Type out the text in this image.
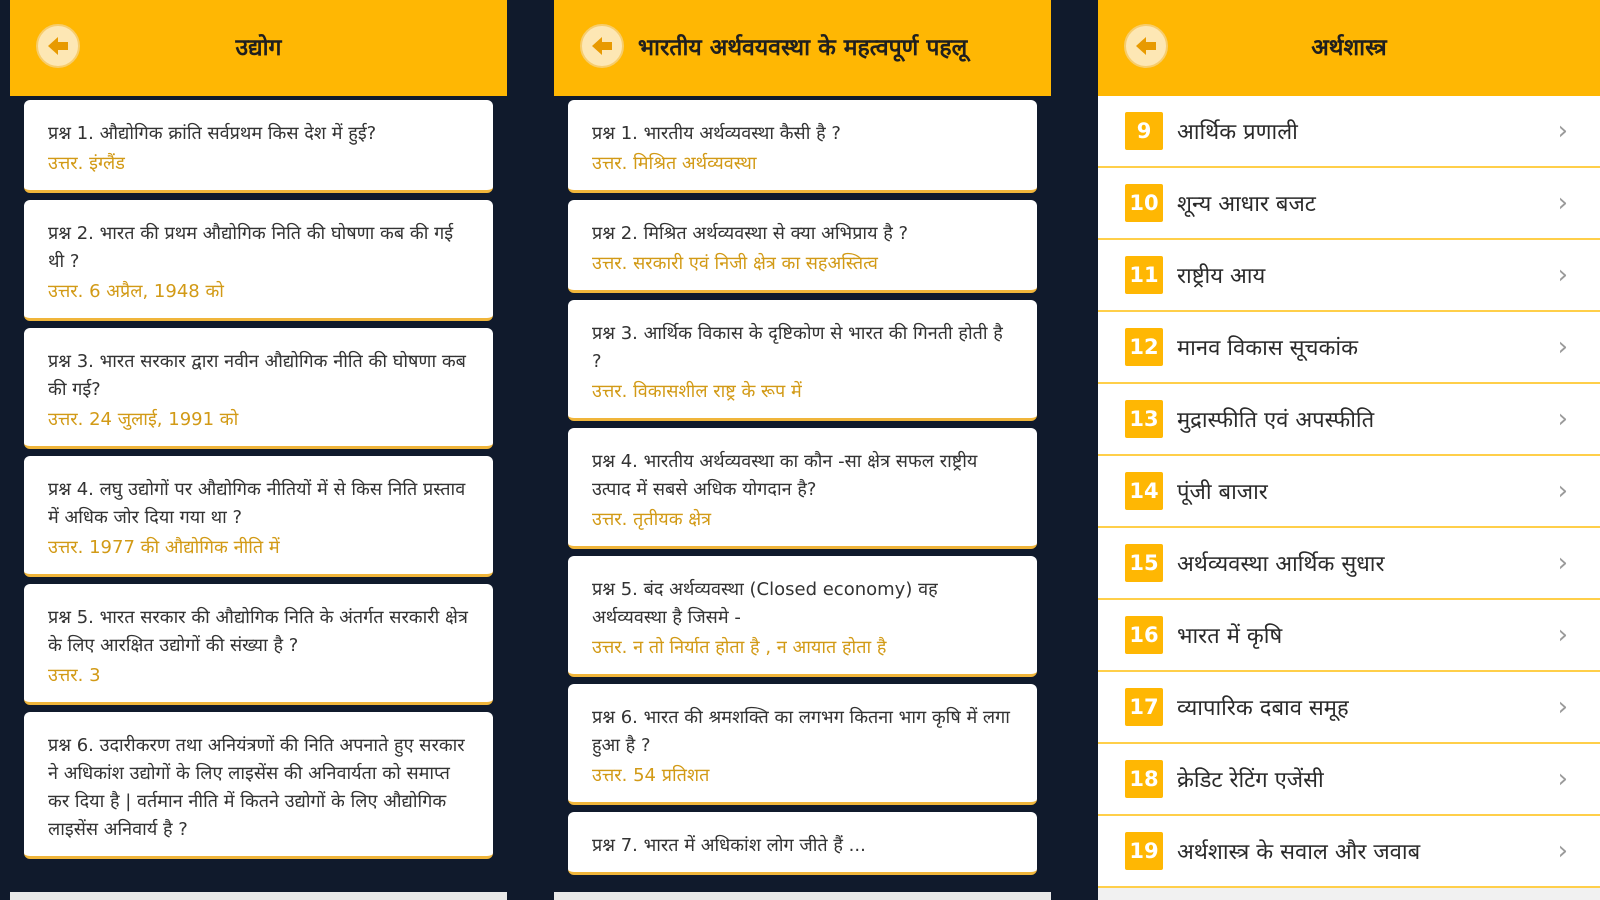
उद्योग
प्रश्न 1. औद्योगिक क्रांति सर्वप्रथम किस देश में हुई?
उत्तर. इंग्लैंड
प्रश्न 2. भारत की प्रथम औद्योगिक निति की घोषणा कब की गई थी ?
उत्तर. 6 अप्रैल, 1948 को
प्रश्न 3. भारत सरकार द्वारा नवीन औद्योगिक नीति की घोषणा कब की गई?
उत्तर. 24 जुलाई, 1991 को
प्रश्न 4. लघु उद्योगों पर औद्योगिक नीतियों में से किस निति प्रस्ताव में अधिक जोर दिया गया था ?
उत्तर. 1977 की औद्योगिक नीति में
प्रश्न 5. भारत सरकार की औद्योगिक निति के अंतर्गत सरकारी क्षेत्र के लिए आरक्षित उद्योगों की संख्या है ?
उत्तर. 3
प्रश्न 6. उदारीकरण तथा अनियंत्रणों की निति अपनाते हुए सरकार ने अधिकांश उद्योगों के लिए लाइसेंस की अनिवार्यता को समाप्त कर दिया है | वर्तमान नीति में कितने उद्योगों के लिए औद्योगिक लाइसेंस अनिवार्य है ?
भारतीय अर्थवयवस्था के महत्वपूर्ण पहलू
प्रश्न 1. भारतीय अर्थव्यवस्था कैसी है ?
उत्तर. मिश्रित अर्थव्यवस्था
प्रश्न 2. मिश्रित अर्थव्यवस्था से क्या अभिप्राय है ?
उत्तर. सरकारी एवं निजी क्षेत्र का सहअस्तित्व
प्रश्न 3. आर्थिक विकास के दृष्टिकोण से भारत की गिनती होती है ?
उत्तर. विकासशील राष्ट्र के रूप में
प्रश्न 4. भारतीय अर्थव्यवस्था का कौन -सा क्षेत्र सफल राष्ट्रीय उत्पाद में सबसे अधिक योगदान है?
उत्तर. तृतीयक क्षेत्र
प्रश्न 5. बंद अर्थव्यवस्था (Closed economy) वह अर्थव्यवस्था है जिसमे -
उत्तर. न तो निर्यात होता है , न आयात होता है
प्रश्न 6. भारत की श्रमशक्ति का लगभग कितना भाग कृषि में लगा हुआ है ?
उत्तर. 54 प्रतिशत
प्रश्न 7. भारत में अधिकांश लोग जीते हैं ...
अर्थशास्त्र
9	आर्थिक प्रणाली	›
10 शून्य आधार बजट	›
11 राष्ट्रीय आय	›
12 मानव विकास सूचकांक	›
13 मुद्रास्फीति एवं अपस्फीति	›
14 पूंजी बाजार	›
15 अर्थव्यवस्था आर्थिक सुधार	›
16 भारत में कृषि	›
17 व्यापारिक दबाव समूह	›
18 क्रेडिट रेटिंग एजेंसी	›
19 अर्थशास्त्र के सवाल और जवाब	›
